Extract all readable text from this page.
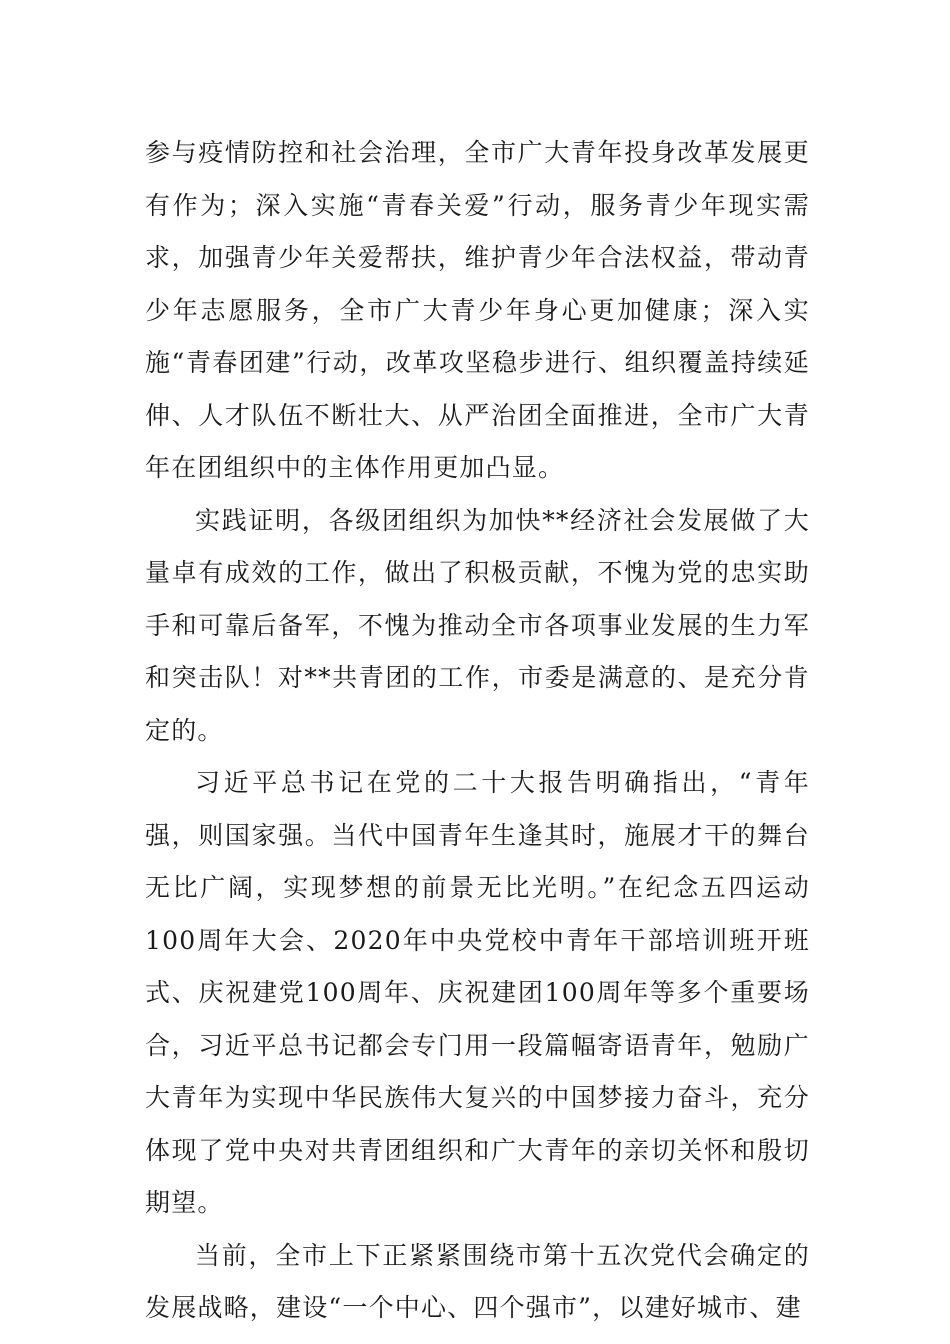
参与疫情防控和社会治理，全市广大青年投身改革发展更有作为；深入实施“青春关爱”行动，服务青少年现实需求，加强青少年关爱帮扶，维护青少年合法权益，带动青少年志愿服务，全市广大青少年身心更加健康；深入实施“青春团建”行动，改革攻坚稳步进行、组织覆盖持续延伸、人才队伍不断壮大、从严治团全面推进，全市广大青年在团组织中的主体作用更加凸显。

实践证明，各级团组织为加快**经济社会发展做了大量卓有成效的工作，做出了积极贡献，不愧为党的忠实助手和可靠后备军，不愧为推动全市各项事业发展的生力军和突击队！对**共青团的工作，市委是满意的、是充分肯定的。

习近平总书记在党的二十大报告明确指出，“青年强，则国家强。当代中国青年生逢其时，施展才干的舞台无比广阔，实现梦想的前景无比光明。”在纪念五四运动100周年大会、2020年中央党校中青年干部培训班开班式、庆祝建党100周年、庆祝建团100周年等多个重要场合，习近平总书记都会专门用一段篇幅寄语青年，勉励广大青年为实现中华民族伟大复兴的中国梦接力奋斗，充分体现了党中央对共青团组织和广大青年的亲切关怀和殷切期望。

当前，全市上下正紧紧围绕市第十五次党代会确定的发展战略，建设“一个中心、四个强市”，以建好城市、建
